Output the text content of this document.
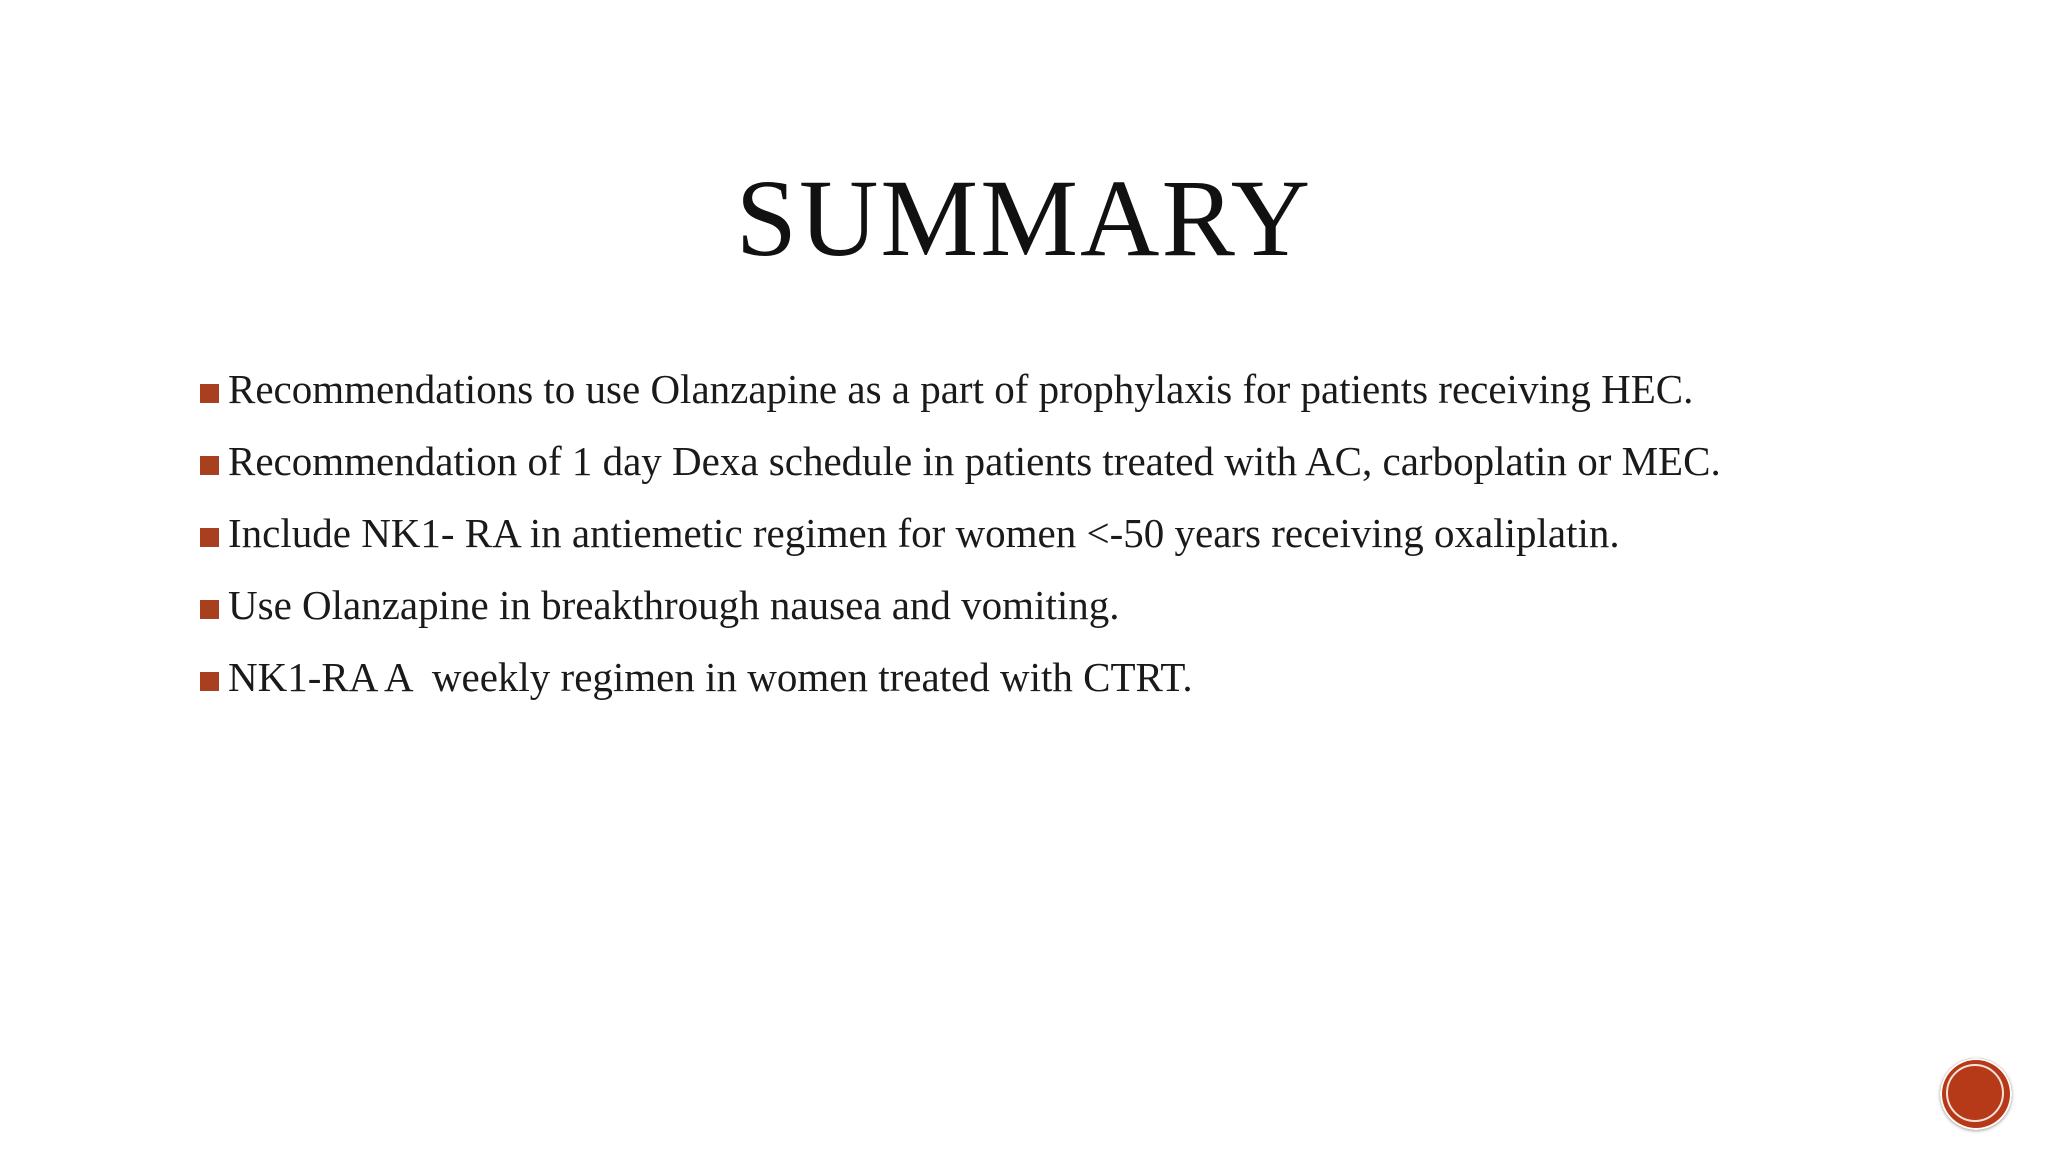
SUMMARY
Recommendations to use Olanzapine as a part of prophylaxis for patients receiving HEC.
Recommendation of 1 day Dexa schedule in patients treated with AC, carboplatin or MEC.
Include NK1- RA in antiemetic regimen for women <-50 years receiving oxaliplatin.
Use Olanzapine in breakthrough nausea and vomiting.
NK1-RA A  weekly regimen in women treated with CTRT.
